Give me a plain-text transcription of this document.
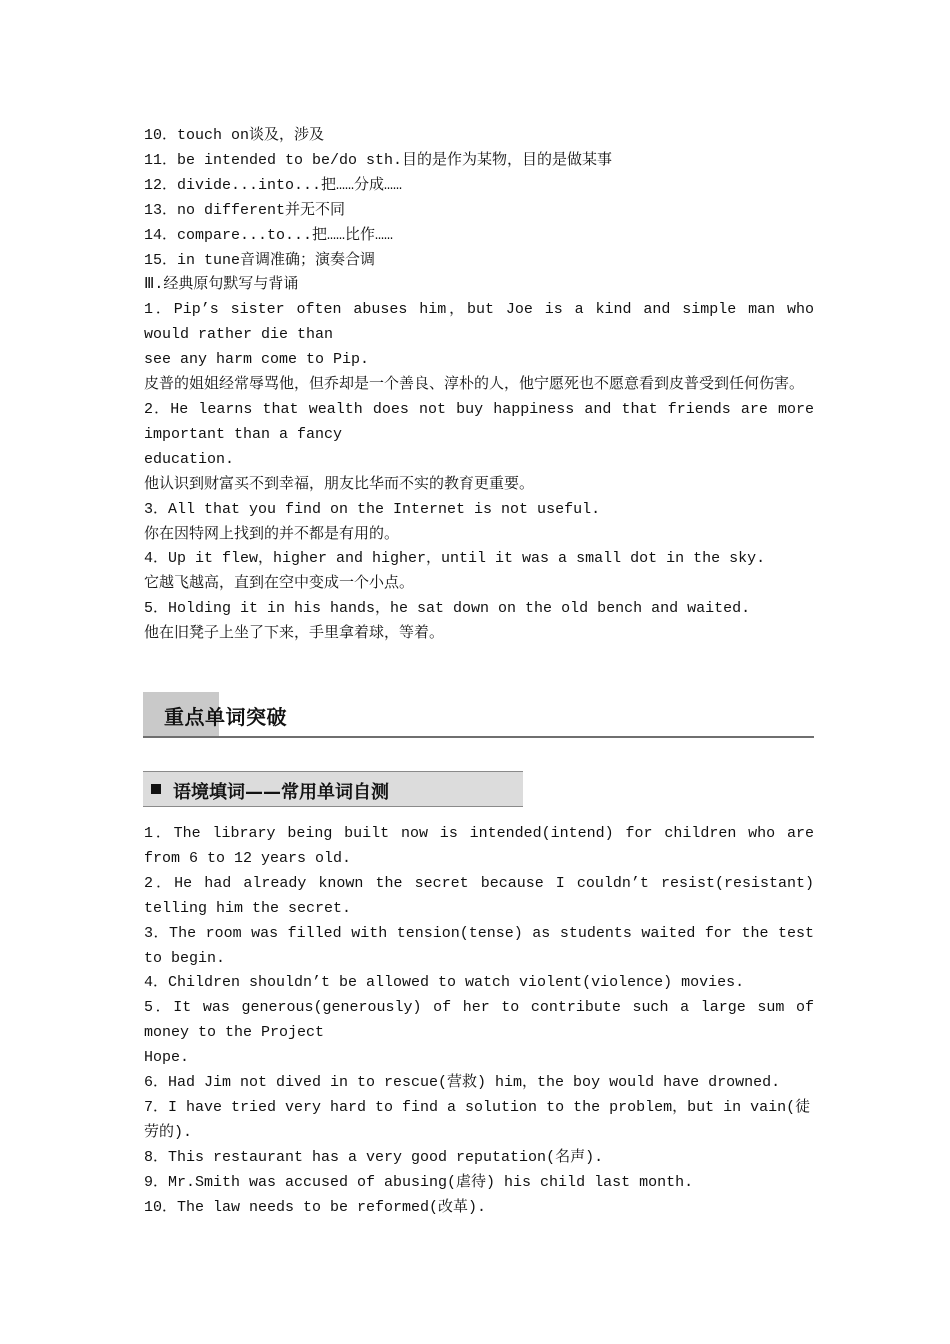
10．touch on谈及，涉及

11．be intended to be/do sth.目的是作为某物，目的是做某事

12．divide...into...把……分成……

13．no different并无不同

14．compare...to...把……比作……

15．in tune音调准确；演奏合调

Ⅲ.经典原句默写与背诵

1．Pip’s sister often abuses him，but Joe is a kind and simple man who would rather die than

see any harm come to Pip.

皮普的姐姐经常辱骂他，但乔却是一个善良、淳朴的人，他宁愿死也不愿意看到皮普受到任何伤害。

2．He learns that wealth does not buy happiness and that friends are more important than a fancy

education.

他认识到财富买不到幸福，朋友比华而不实的教育更重要。

3．All that you find on the Internet is not useful.

你在因特网上找到的并不都是有用的。

4．Up it flew，higher and higher，until it was a small dot in the sky.

它越飞越高，直到在空中变成一个小点。

5．Holding it in his hands，he sat down on the old bench and waited.

他在旧凳子上坐了下来，手里拿着球，等着。

重点单词突破
语境填词——常用单词自测

1．The library being built now is intended(intend) for children who are from 6 to 12 years old.

2．He had already known the secret because I couldn’t resist(resistant) telling him the secret.

3．The room was filled with tension(tense) as students waited for the test to begin.

4．Children shouldn’t be allowed to watch violent(violence) movies.

5．It was generous(generously) of her to contribute such a large sum of money to the Project

Hope.

6．Had Jim not dived in to rescue(营救) him，the boy would have drowned.

7．I have tried very hard to find a solution to the problem，but in vain(徒劳的).

8．This restaurant has a very good reputation(名声).

9．Mr.Smith was accused of abusing(虐待) his child last month.

10．The law needs to be reformed(改革).
